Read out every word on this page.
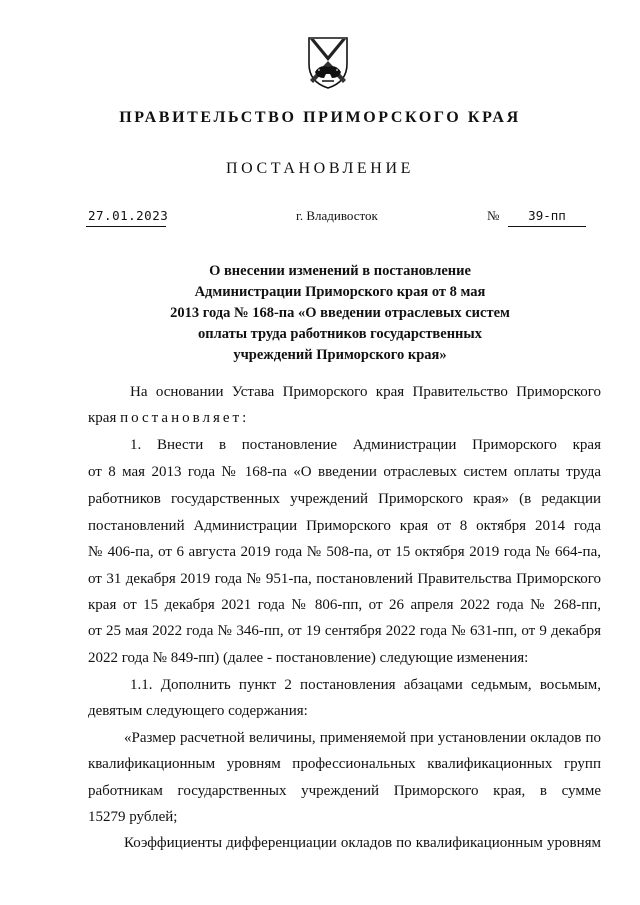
ПРАВИТЕЛЬСТВО ПРИМОРСКОГО КРАЯ
ПОСТАНОВЛЕНИЕ
27.01.2023	г. Владивосток	№	39-пп
О внесении изменений в постановление
Администрации Приморского края от 8 мая
2013 года № 168-па «О введении отраслевых систем
оплаты труда работников государственных
учреждений Приморского края»
На основании Устава Приморского края Правительство Приморского
края постановляет:
1. Внести в постановление Администрации Приморского края
от 8 мая 2013 года № 168-па «О введении отраслевых систем оплаты труда
работников государственных учреждений Приморского края» (в редакции
постановлений Администрации Приморского края от 8 октября 2014 года
№ 406-па, от 6 августа 2019 года № 508-па, от 15 октября 2019 года № 664-па,
от 31 декабря 2019 года № 951-па, постановлений Правительства Приморского
края от 15 декабря 2021 года № 806-пп, от 26 апреля 2022 года № 268-пп,
от 25 мая 2022 года № 346-пп, от 19 сентября 2022 года № 631-пп, от 9 декабря
2022 года № 849-пп) (далее - постановление) следующие изменения:
1.1. Дополнить пункт 2 постановления абзацами седьмым, восьмым,
девятым следующего содержания:
«Размер расчетной величины, применяемой при установлении окладов по
квалификационным уровням профессиональных квалификационных групп
работникам государственных учреждений Приморского края, в сумме
15279 рублей;
Коэффициенты дифференциации окладов по квалификационным уровням
